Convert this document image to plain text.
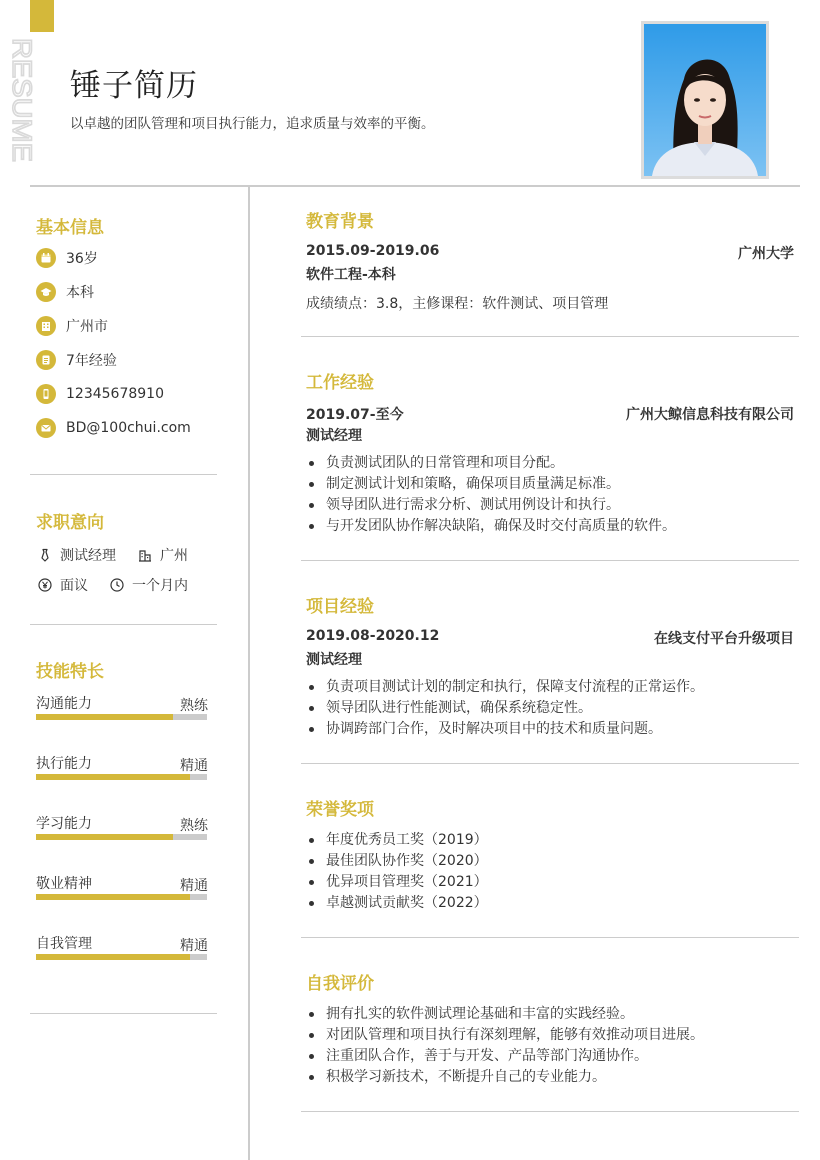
RESUME 锤子简历
以卓越的团队管理和项目执行能力，追求质量与效率的平衡。
基本信息
36岁
本科
广州市
7年经验
12345678910
BD@100chui.com
求职意向
测试经理	广州
面议	一个月内
技能特长
沟通能力	熟练
执行能力	精通
学习能力	熟练
敬业精神	精通
自我管理	精通
教育背景
2015.09-2019.06	广州大学
软件工程-本科
成绩绩点：3.8，主修课程：软件测试、项目管理
工作经验
2019.07-至今	广州大鲸信息科技有限公司
测试经理
负责测试团队的日常管理和项目分配。
制定测试计划和策略，确保项目质量满足标准。
领导团队进行需求分析、测试用例设计和执行。
与开发团队协作解决缺陷，确保及时交付高质量的软件。
项目经验
2019.08-2020.12	在线支付平台升级项目
测试经理
负责项目测试计划的制定和执行，保障支付流程的正常运作。
领导团队进行性能测试，确保系统稳定性。
协调跨部门合作，及时解决项目中的技术和质量问题。
荣誉奖项
年度优秀员工奖（2019）
最佳团队协作奖（2020）
优异项目管理奖（2021）
卓越测试贡献奖（2022）
自我评价
拥有扎实的软件测试理论基础和丰富的实践经验。
对团队管理和项目执行有深刻理解，能够有效推动项目进展。
注重团队合作，善于与开发、产品等部门沟通协作。
积极学习新技术，不断提升自己的专业能力。
